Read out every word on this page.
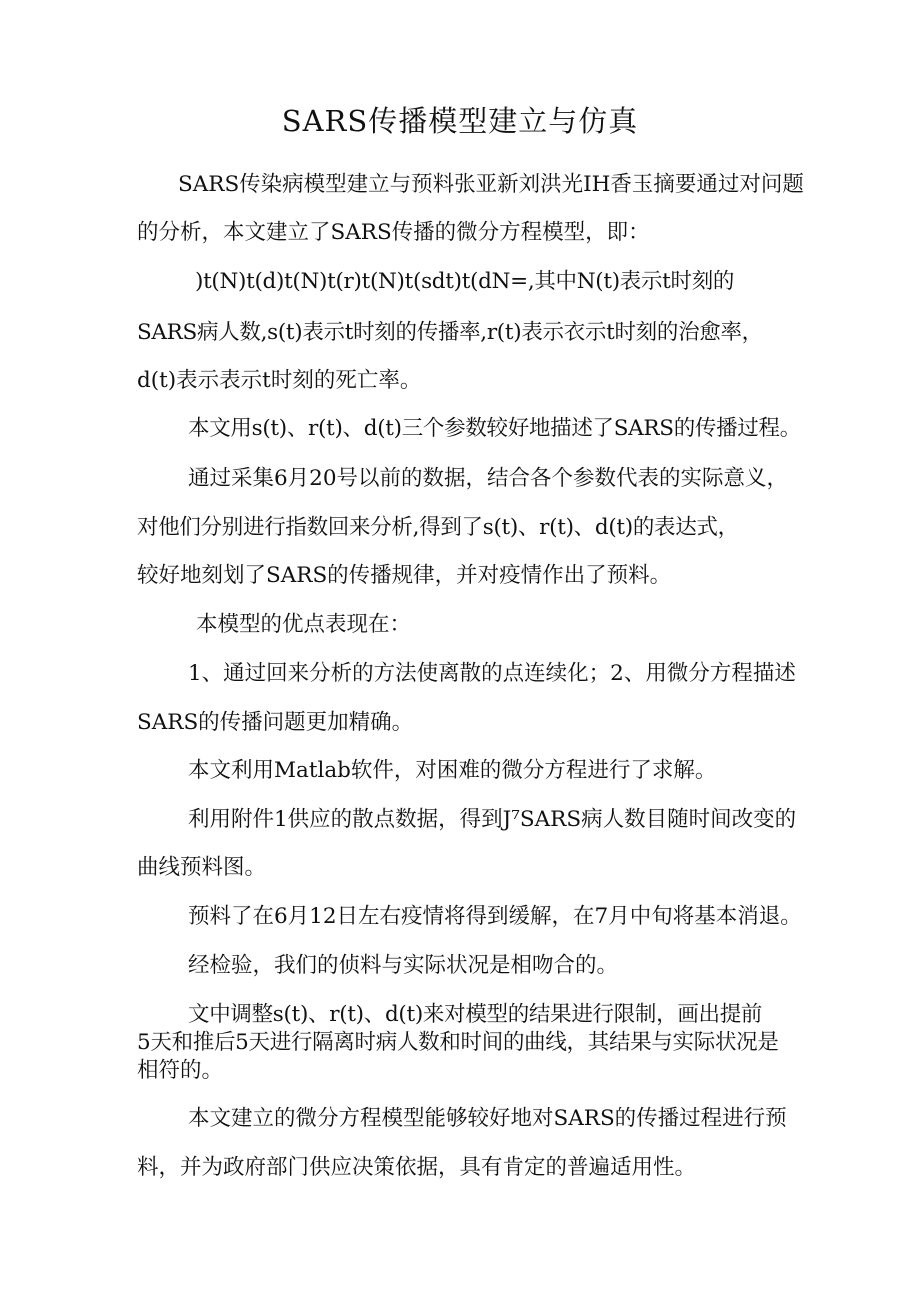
SARS传播模型建立与仿真
SARS传染病模型建立与预料张亚新刘洪光IH香玉摘要通过对问题
的分析，本文建立了SARS传播的微分方程模型，即：
)t(N)t(d)t(N)t(r)t(N)t(sdt)t(dN=,其中N(t)表示t时刻的
SARS病人数,s(t)表示t时刻的传播率,r(t)表示衣示t时刻的治愈率，
d(t)表示表示t时刻的死亡率。
本文用s(t)、r(t)、d(t)三个参数较好地描述了SARS的传播过程。
通过采集6月20号以前的数据，结合各个参数代表的实际意义，
对他们分别进行指数回来分析,得到了s(t)、r(t)、d(t)的表达式，
较好地刻划了SARS的传播规律，并对疫情作出了预料。
本模型的优点表现在：
1、通过回来分析的方法使离散的点连续化；2、用微分方程描述
SARS的传播问题更加精确。
本文利用Matlab软件，对困难的微分方程进行了求解。
利用附件1供应的散点数据，得到J⁷SARS病人数目随时间改变的
曲线预料图。
预料了在6月12日左右疫情将得到缓解，在7月中旬将基本消退。
经检验，我们的侦料与实际状况是相吻合的。
文中调整s(t)、r(t)、d(t)来对模型的结果进行限制，画出提前
5天和推后5天进行隔离时病人数和时间的曲线，其结果与实际状况是
相符的。
本文建立的微分方程模型能够较好地对SARS的传播过程进行预
料，并为政府部门供应决策依据，具有肯定的普遍适用性。
